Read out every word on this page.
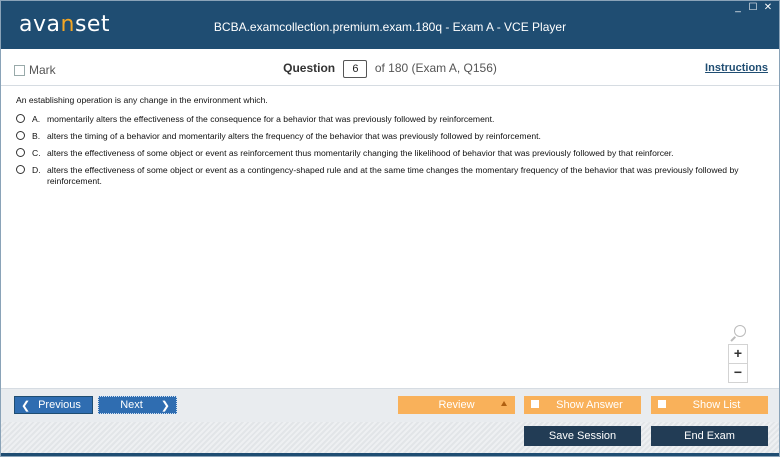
avanset	BCBA.examcollection.premium.exam.180q - Exam A - VCE Player
_ ☐ ✕
Mark	Question 6 of 180 (Exam A, Q156)	Instructions
An establishing operation is any change in the environment which.
A. momentarily alters the effectiveness of the consequence for a behavior that was previously followed by reinforcement.
B. alters the timing of a behavior and momentarily alters the frequency of the behavior that was previously followed by reinforcement.
C. alters the effectiveness of some object or event as reinforcement thus momentarily changing the likelihood of behavior that was previously followed by that reinforcer.
D. alters the effectiveness of some object or event as a contingency-shaped rule and at the same time changes the momentary frequency of the behavior that was previously followed by reinforcement.
+
−
❮ Previous	Next ❯	Review	Show Answer	Show List
Save Session	End Exam
